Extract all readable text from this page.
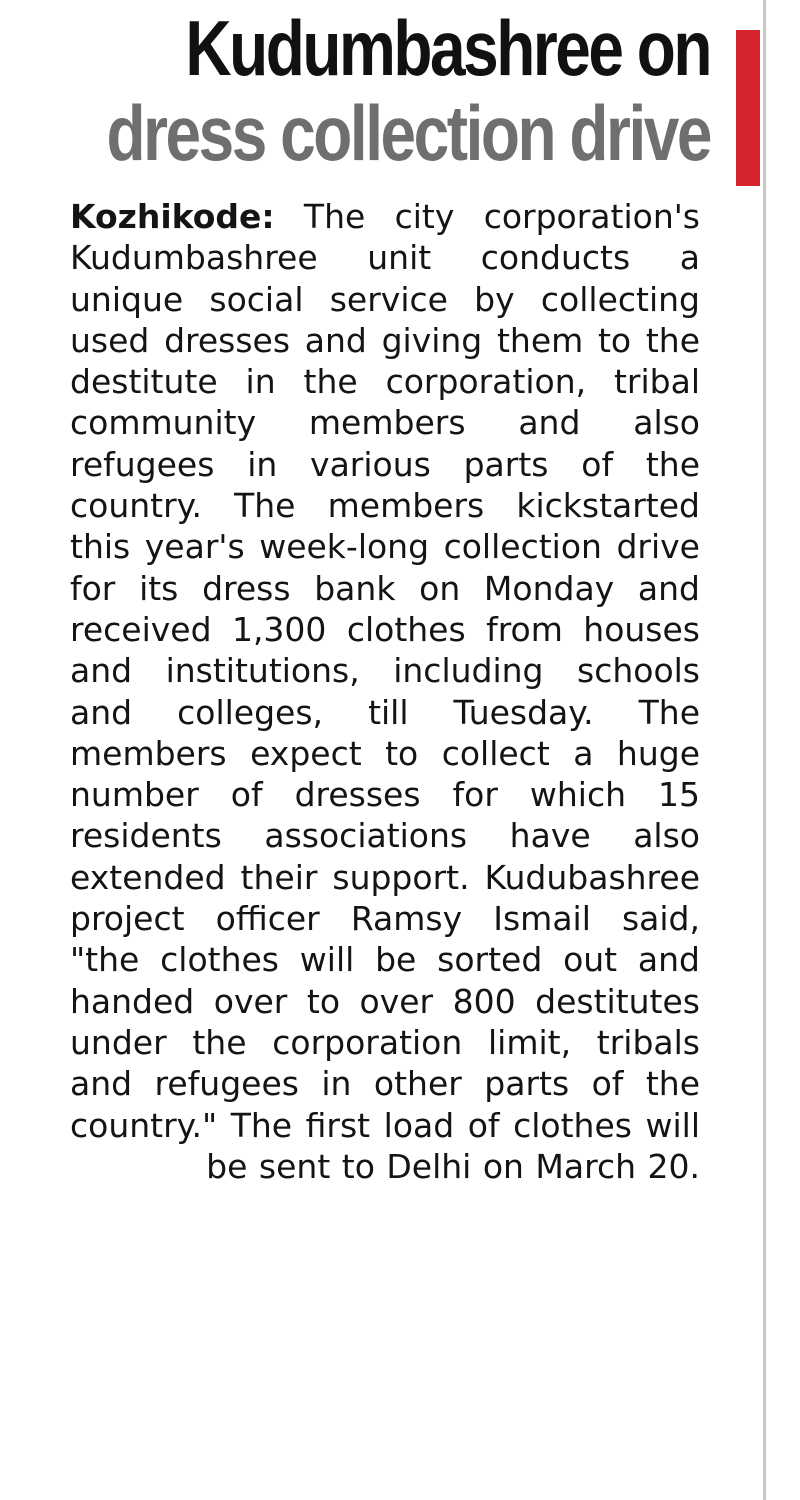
Kudumbashree on
dress collection drive

Kozhikode: The city corporation's Kudumbashree unit conducts a unique social service by collecting used dresses and giving them to the destitute in the corporation, tribal community members and also refugees in various parts of the country. The members kickstarted this year's week-long collection drive for its dress bank on Monday and received 1,300 clothes from houses and institutions, including schools and colleges, till Tuesday. The members expect to collect a huge number of dresses for which 15 residents associations have also extended their support. Kudubashree project officer Ramsy Ismail said, "the clothes will be sorted out and handed over to over 800 destitutes under the corporation limit, tribals and refugees in other parts of the country." The first load of clothes will be sent to Delhi on March 20.
